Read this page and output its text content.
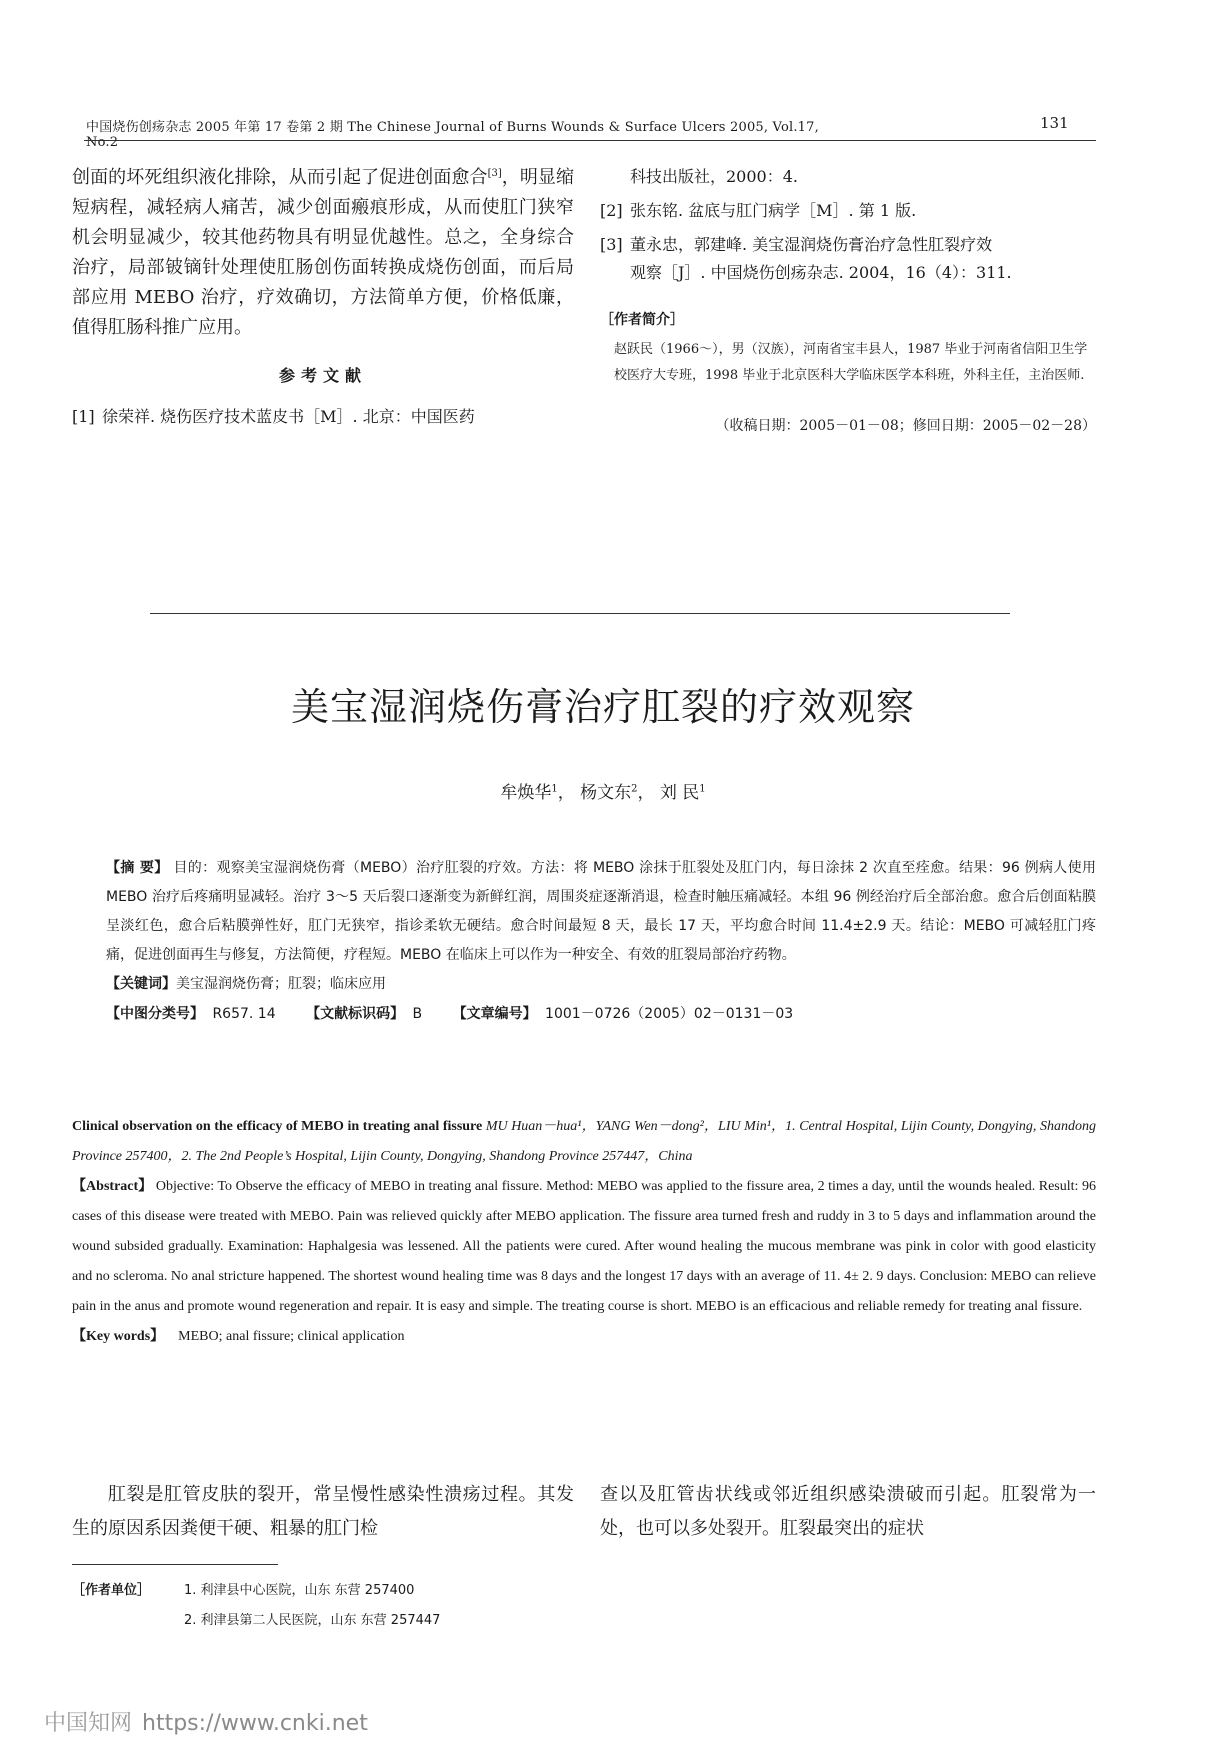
中国烧伤创疡杂志 2005 年第 17 卷第 2 期 The Chinese Journal of Burns Wounds & Surface Ulcers 2005, Vol.17, No.2
131

创面的坏死组织液化排除，从而引起了促进创面愈合[3]，明显缩短病程，减轻病人痛苦，减少创面瘢痕形成，从而使肛门狭窄机会明显减少，较其他药物具有明显优越性。总之，全身综合治疗，局部铍镝针处理使肛肠创伤面转换成烧伤创面，而后局部应用 MEBO 治疗，疗效确切，方法简单方便，价格低廉，值得肛肠科推广应用。

参考文献
[1] 徐荣祥. 烧伤医疗技术蓝皮书［M］. 北京：中国医药
科技出版社，2000：4.
[2] 张东铭. 盆底与肛门病学［M］. 第 1 版.
[3] 董永忠，郭建峰. 美宝湿润烧伤膏治疗急性肛裂疗效
观察［J］. 中国烧伤创疡杂志. 2004，16（4）：311.
［作者简介］

赵跃民（1966～），男（汉族），河南省宝丰县人，1987 毕业于河南省信阳卫生学校医疗大专班，1998 毕业于北京医科大学临床医学本科班，外科主任，主治医师.

（收稿日期：2005－01－08；修回日期：2005－02－28）
美宝湿润烧伤膏治疗肛裂的疗效观察
牟焕华$^1$， 杨文东$^2$， 刘 民$^1$
【摘 要】 目的：观察美宝湿润烧伤膏（MEBO）治疗肛裂的疗效。方法：将 MEBO 涂抹于肛裂处及肛门内，每日涂抹 2 次直至痊愈。结果：96 例病人使用 MEBO 治疗后疼痛明显减轻。治疗 3～5 天后裂口逐渐变为新鲜红润，周围炎症逐渐消退，检查时触压痛减轻。本组 96 例经治疗后全部治愈。愈合后创面粘膜呈淡红色，愈合后粘膜弹性好，肛门无狭窄，指诊柔软无硬结。愈合时间最短 8 天，最长 17 天，平均愈合时间 11.4±2.9 天。结论：MEBO 可减轻肛门疼痛，促进创面再生与修复，方法简便，疗程短。MEBO 在临床上可以作为一种安全、有效的肛裂局部治疗药物。
【关键词】美宝湿润烧伤膏；肛裂；临床应用
【中图分类号】 R657. 14 【文献标识码】 B 【文章编号】 1001－0726（2005）02－0131－03
Clinical observation on the efficacy of MEBO in treating anal fissure MU Huan－hua¹，YANG Wen－dong²，LIU Min¹，1. Central Hospital, Lijin County, Dongying, Shandong Province 257400，2. The 2nd People’s Hospital, Lijin County, Dongying, Shandong Province 257447，China
【Abstract】 Objective: To Observe the efficacy of MEBO in treating anal fissure. Method: MEBO was applied to the fissure area, 2 times a day, until the wounds healed. Result: 96 cases of this disease were treated with MEBO. Pain was relieved quickly after MEBO application. The fissure area turned fresh and ruddy in 3 to 5 days and inflammation around the wound subsided gradually. Examination: Haphalgesia was lessened. All the patients were cured. After wound healing the mucous membrane was pink in color with good elasticity and no scleroma. No anal stricture happened. The shortest wound healing time was 8 days and the longest 17 days with an average of 11. 4± 2. 9 days. Conclusion: MEBO can relieve pain in the anus and promote wound regeneration and repair. It is easy and simple. The treating course is short. MEBO is an efficacious and reliable remedy for treating anal fissure.
【Key words】 MEBO; anal fissure; clinical application

肛裂是肛管皮肤的裂开，常呈慢性感染性溃疡过程。其发生的原因系因粪便干硬、粗暴的肛门检

查以及肛管齿状线或邻近组织感染溃破而引起。肛裂常为一处，也可以多处裂开。肛裂最突出的症状

［作者单位］	1. 利津县中心医院，山东 东营 257400
2. 利津县第二人民医院，山东 东营 257447
中国知网 https://www.cnki.net
